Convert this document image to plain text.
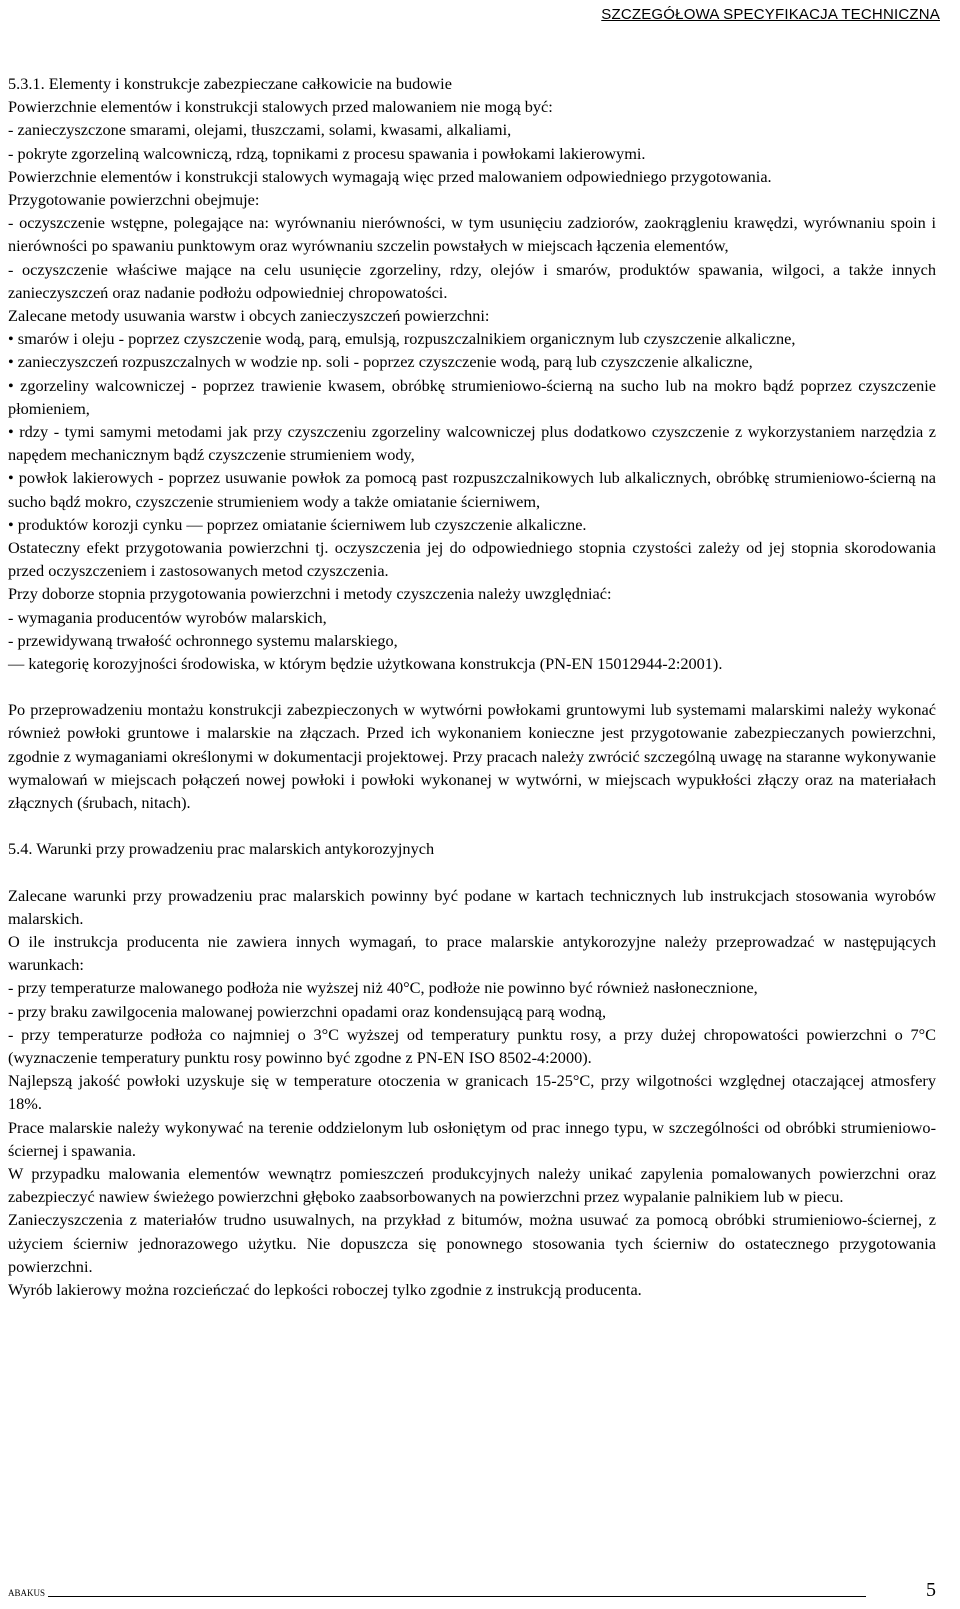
SZCZEGÓŁOWA SPECYFIKACJA TECHNICZNA

5.3.1. Elementy i konstrukcje zabezpieczane całkowicie na budowie

Powierzchnie elementów i konstrukcji stalowych przed malowaniem nie mogą być:

- zanieczyszczone smarami, olejami, tłuszczami, solami, kwasami, alkaliami,

- pokryte zgorzeliną walcowniczą, rdzą, topnikami z procesu spawania i powłokami lakierowymi.

Powierzchnie elementów i konstrukcji stalowych wymagają więc przed malowaniem odpowiedniego przygotowania.

Przygotowanie powierzchni obejmuje:

- oczyszczenie wstępne, polegające na: wyrównaniu nierówności, w tym usunięciu zadziorów, zaokrągleniu krawędzi, wyrównaniu spoin i nierówności po spawaniu punktowym oraz wyrównaniu szczelin powstałych w miejscach łączenia elementów,

- oczyszczenie właściwe mające na celu usunięcie zgorzeliny, rdzy, olejów i smarów, produktów spawania, wilgoci, a także innych zanieczyszczeń oraz nadanie podłożu odpowiedniej chropowatości.

Zalecane metody usuwania warstw i obcych zanieczyszczeń powierzchni:

• smarów i oleju - poprzez czyszczenie wodą, parą, emulsją, rozpuszczalnikiem organicznym lub czyszczenie alkaliczne,

• zanieczyszczeń rozpuszczalnych w wodzie np. soli - poprzez czyszczenie wodą, parą lub czyszczenie alkaliczne,

• zgorzeliny walcowniczej - poprzez trawienie kwasem, obróbkę strumieniowo-ścierną na sucho lub na mokro bądź poprzez czyszczenie płomieniem,

• rdzy - tymi samymi metodami jak przy czyszczeniu zgorzeliny walcowniczej plus dodatkowo czyszczenie z wykorzystaniem narzędzia z napędem mechanicznym bądź czyszczenie strumieniem wody,

• powłok lakierowych - poprzez usuwanie powłok za pomocą past rozpuszczalnikowych lub alkalicznych, obróbkę strumieniowo-ścierną na sucho bądź mokro, czyszczenie strumieniem wody a także omiatanie ścierniwem,

• produktów korozji cynku — poprzez omiatanie ścierniwem lub czyszczenie alkaliczne.

Ostateczny efekt przygotowania powierzchni tj. oczyszczenia jej do odpowiedniego stopnia czystości zależy od jej stopnia skorodowania przed oczyszczeniem i zastosowanych metod czyszczenia.

Przy doborze stopnia przygotowania powierzchni i metody czyszczenia należy uwzględniać:

- wymagania producentów wyrobów malarskich,

- przewidywaną trwałość ochronnego systemu malarskiego,

— kategorię korozyjności środowiska, w którym będzie użytkowana konstrukcja (PN-EN 15012944-2:2001).

Po przeprowadzeniu montażu konstrukcji zabezpieczonych w wytwórni powłokami gruntowymi lub systemami malarskimi należy wykonać również powłoki gruntowe i malarskie na złączach. Przed ich wykonaniem konieczne jest przygotowanie zabezpieczanych powierzchni, zgodnie z wymaganiami określonymi w dokumentacji projektowej. Przy pracach należy zwrócić szczególną uwagę na staranne wykonywanie wymalowań w miejscach połączeń nowej powłoki i powłoki wykonanej w wytwórni, w miejscach wypukłości złączy oraz na materiałach złącznych (śrubach, nitach).

5.4. Warunki przy prowadzeniu prac malarskich antykorozyjnych

Zalecane warunki przy prowadzeniu prac malarskich powinny być podane w kartach technicznych lub instrukcjach stosowania wyrobów malarskich.

O ile instrukcja producenta nie zawiera innych wymagań, to prace malarskie antykorozyjne należy przeprowadzać w następujących warunkach:

- przy temperaturze malowanego podłoża nie wyższej niż 40°C, podłoże nie powinno być również nasłonecznione,

- przy braku zawilgocenia malowanej powierzchni opadami oraz kondensującą parą wodną,

- przy temperaturze podłoża co najmniej o 3°C wyższej od temperatury punktu rosy, a przy dużej chropowatości powierzchni o 7°C (wyznaczenie temperatury punktu rosy powinno być zgodne z PN-EN ISO 8502-4:2000).

Najlepszą jakość powłoki uzyskuje się w temperature otoczenia w granicach 15-25°C, przy wilgotności względnej otaczającej atmosfery 18%.

Prace malarskie należy wykonywać na terenie oddzielonym lub osłoniętym od prac innego typu, w szczególności od obróbki strumieniowo-ściernej i spawania.

W przypadku malowania elementów wewnątrz pomieszczeń produkcyjnych należy unikać zapylenia pomalowanych powierzchni oraz zabezpieczyć nawiew świeżego powierzchni głęboko zaabsorbowanych na powierzchni przez wypalanie palnikiem lub w piecu.

Zanieczyszczenia z materiałów trudno usuwalnych, na przykład z bitumów, można usuwać za pomocą obróbki strumieniowo-ściernej, z użyciem ścierniw jednorazowego użytku. Nie dopuszcza się ponownego stosowania tych ścierniw do ostatecznego przygotowania powierzchni.

Wyrób lakierowy można rozcieńczać do lepkości roboczej tylko zgodnie z instrukcją producenta.

ABAKUS	5
